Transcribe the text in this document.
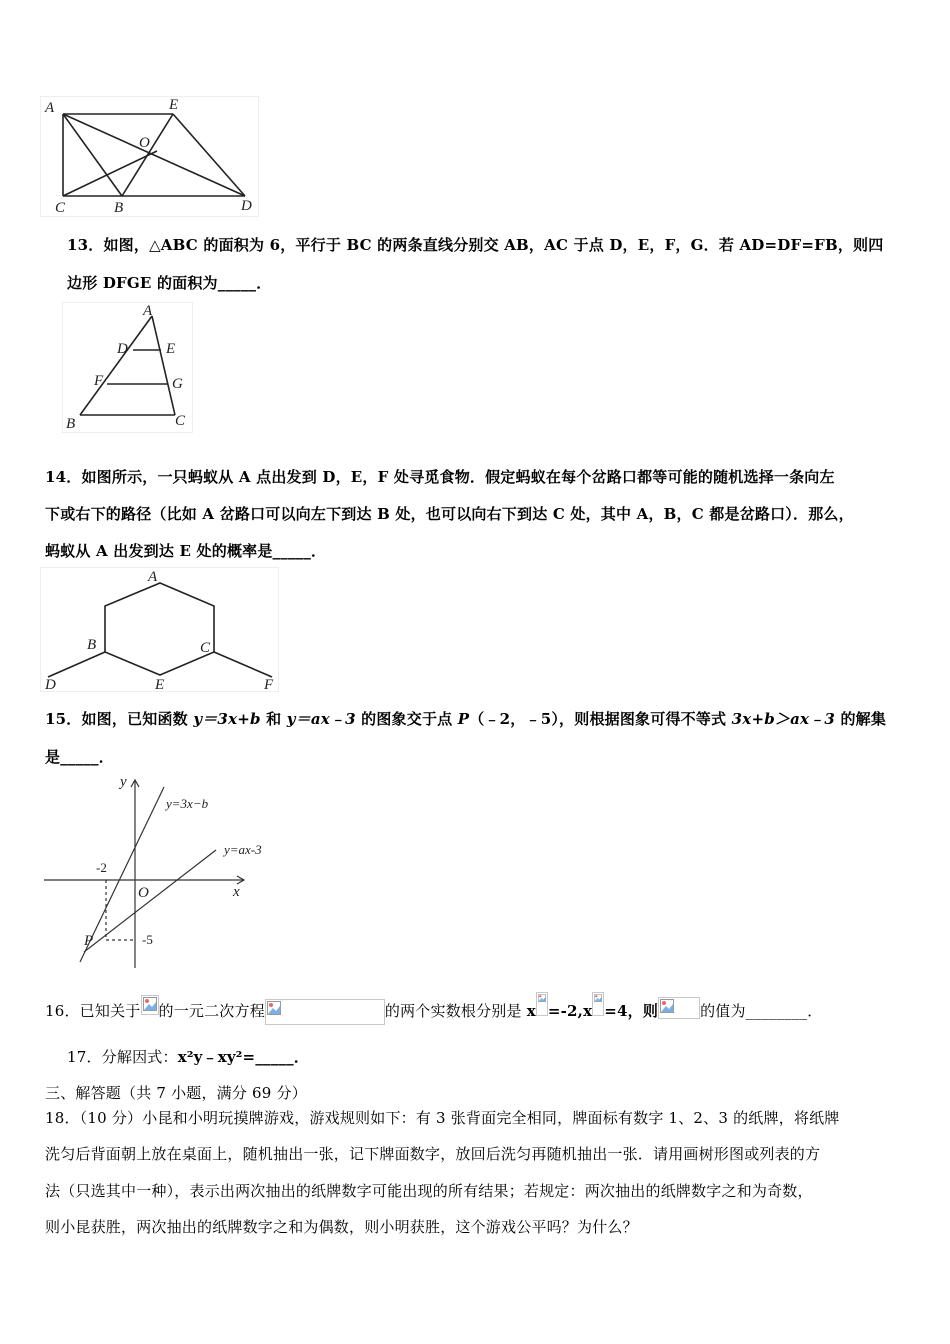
A	E
O
C	B	D
13．如图，△ABC 的面积为 6，平行于 BC 的两条直线分别交 AB，AC 于点 D，E，F，G．若 AD=DF=FB，则四
边形 DFGE 的面积为_____．
A
D	E
F	G
B	C
14．如图所示，一只蚂蚁从 A 点出发到 D，E，F 处寻觅食物．假定蚂蚁在每个岔路口都等可能的随机选择一条向左
下或右下的路径（比如 A 岔路口可以向左下到达 B 处，也可以向右下到达 C 处，其中 A，B，C 都是岔路口）．那么，
蚂蚁从 A 出发到达 E 处的概率是_____．
A
B	C
D	E	F
15．如图，已知函数 y＝3x+b 和 y＝ax﹣3 的图象交于点 P（﹣2，﹣5），则根据图象可得不等式 3x+b＞ax﹣3 的解集
是_____．
y
x
y=3x−b
y=ax-3
-2
O
-5
P
16．已知关于 的一元二次方程	的两个实数根分别是 x =-2,x =4，则	的值为________．
17．分解因式：x²y﹣xy²=_____．
三、解答题（共 7 小题，满分 69 分）
18．（10 分）小昆和小明玩摸牌游戏，游戏规则如下：有 3 张背面完全相同，牌面标有数字 1、2、3 的纸牌，将纸牌
洗匀后背面朝上放在桌面上，随机抽出一张，记下牌面数字，放回后洗匀再随机抽出一张．请用画树形图或列表的方
法（只选其中一种），表示出两次抽出的纸牌数字可能出现的所有结果；若规定：两次抽出的纸牌数字之和为奇数，
则小昆获胜，两次抽出的纸牌数字之和为偶数，则小明获胜，这个游戏公平吗？为什么？
